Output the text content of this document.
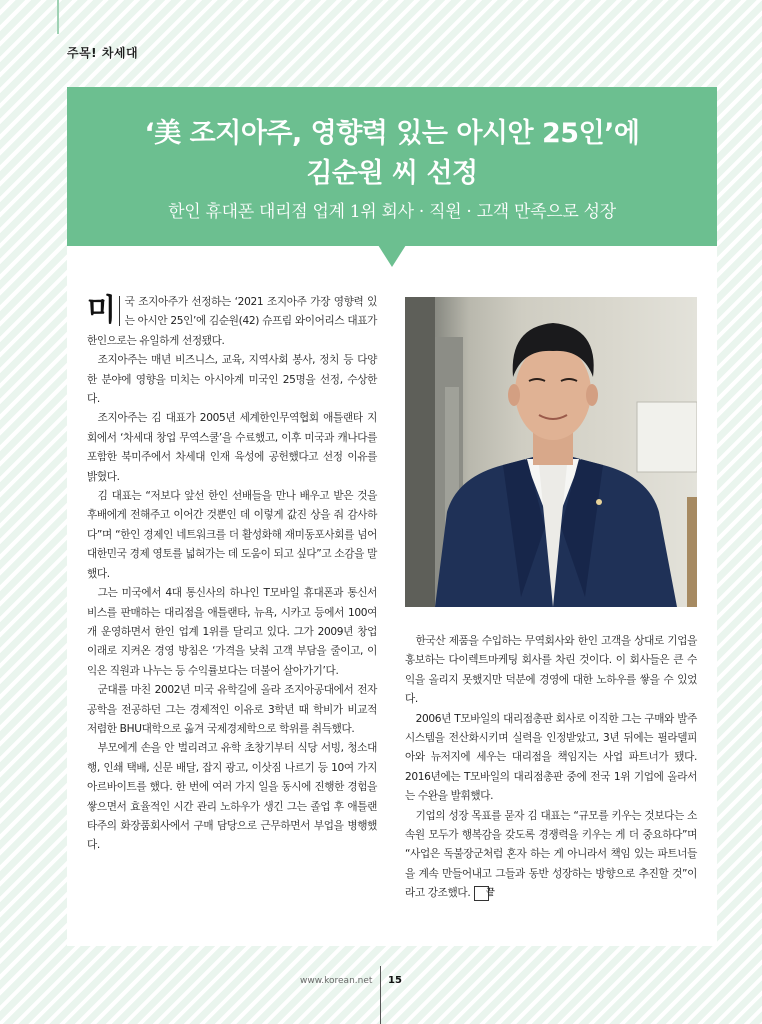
주목! 차세대
‘美 조지아주, 영향력 있는 아시안 25인’에
김순원 씨 선정
한인 휴대폰 대리점 업계 1위 회사 · 직원 · 고객 만족으로 성장

미 국 조지아주가 선정하는 ‘2021 조지아주 가장 영향력 있는 아시안 25인’에 김순원(42) 슈프림 와이어리스 대표가 한인으로는 유일하게 선정됐다.

조지아주는 매년 비즈니스, 교육, 지역사회 봉사, 정치 등 다양한 분야에 영향을 미치는 아시아계 미국인 25명을 선정, 수상한다.

조지아주는 김 대표가 2005년 세계한인무역협회 애틀랜타 지회에서 ‘차세대 창업 무역스쿨’을 수료했고, 이후 미국과 캐나다를 포함한 북미주에서 차세대 인재 육성에 공헌했다고 선정 이유를 밝혔다.

김 대표는 “저보다 앞선 한인 선배들을 만나 배우고 받은 것을 후배에게 전해주고 이어간 것뿐인 데 이렇게 값진 상을 줘 감사하다”며 “한인 경제인 네트워크를 더 활성화해 재미동포사회를 넘어 대한민국 경제 영토를 넓혀가는 데 도움이 되고 싶다”고 소감을 말했다.

그는 미국에서 4대 통신사의 하나인 T모바일 휴대폰과 통신서비스를 판매하는 대리점을 애틀랜타, 뉴욕, 시카고 등에서 100여 개 운영하면서 한인 업계 1위를 달리고 있다. 그가 2009년 창업 이래로 지켜온 경영 방침은 ‘가격을 낮춰 고객 부담을 줄이고, 이익은 직원과 나누는 등 수익률보다는 더불어 살아가기’다.

군대를 마친 2002년 미국 유학길에 올라 조지아공대에서 전자공학을 전공하던 그는 경제적인 이유로 3학년 때 학비가 비교적 저렴한 BHU대학으로 옮겨 국제경제학으로 학위를 취득했다.

부모에게 손을 안 벌리려고 유학 초창기부터 식당 서빙, 청소대행, 인쇄 택배, 신문 배달, 잡지 광고, 이삿짐 나르기 등 10여 가지 아르바이트를 했다. 한 번에 여러 가지 일을 동시에 진행한 경험을 쌓으면서 효율적인 시간 관리 노하우가 생긴 그는 졸업 후 애틀랜타주의 화장품회사에서 구매 담당으로 근무하면서 부업을 병행했다.

한국산 제품을 수입하는 무역회사와 한인 고객을 상대로 기업을 홍보하는 다이렉트마케팅 회사를 차린 것이다. 이 회사들은 큰 수익을 올리지 못했지만 덕분에 경영에 대한 노하우를 쌓을 수 있었다.

2006년 T모바일의 대리점총판 회사로 이직한 그는 구매와 발주 시스템을 전산화시키며 실력을 인정받았고, 3년 뒤에는 필라델피아와 뉴저지에 세우는 대리점을 책임지는 사업 파트너가 됐다. 2016년에는 T모바일의 대리점총판 중에 전국 1위 기업에 올라서는 수완을 발휘했다.

기업의 성장 목표를 묻자 김 대표는 “규모를 키우는 것보다는 소속원 모두가 행복감을 갖도록 경쟁력을 키우는 게 더 중요하다”며 “사업은 독불장군처럼 혼자 하는 게 아니라서 책임 있는 파트너들을 계속 만들어내고 그들과 동반 성장하는 방향으로 추진할 것”이라고 강조했다. 끝

www.korean.net 15
